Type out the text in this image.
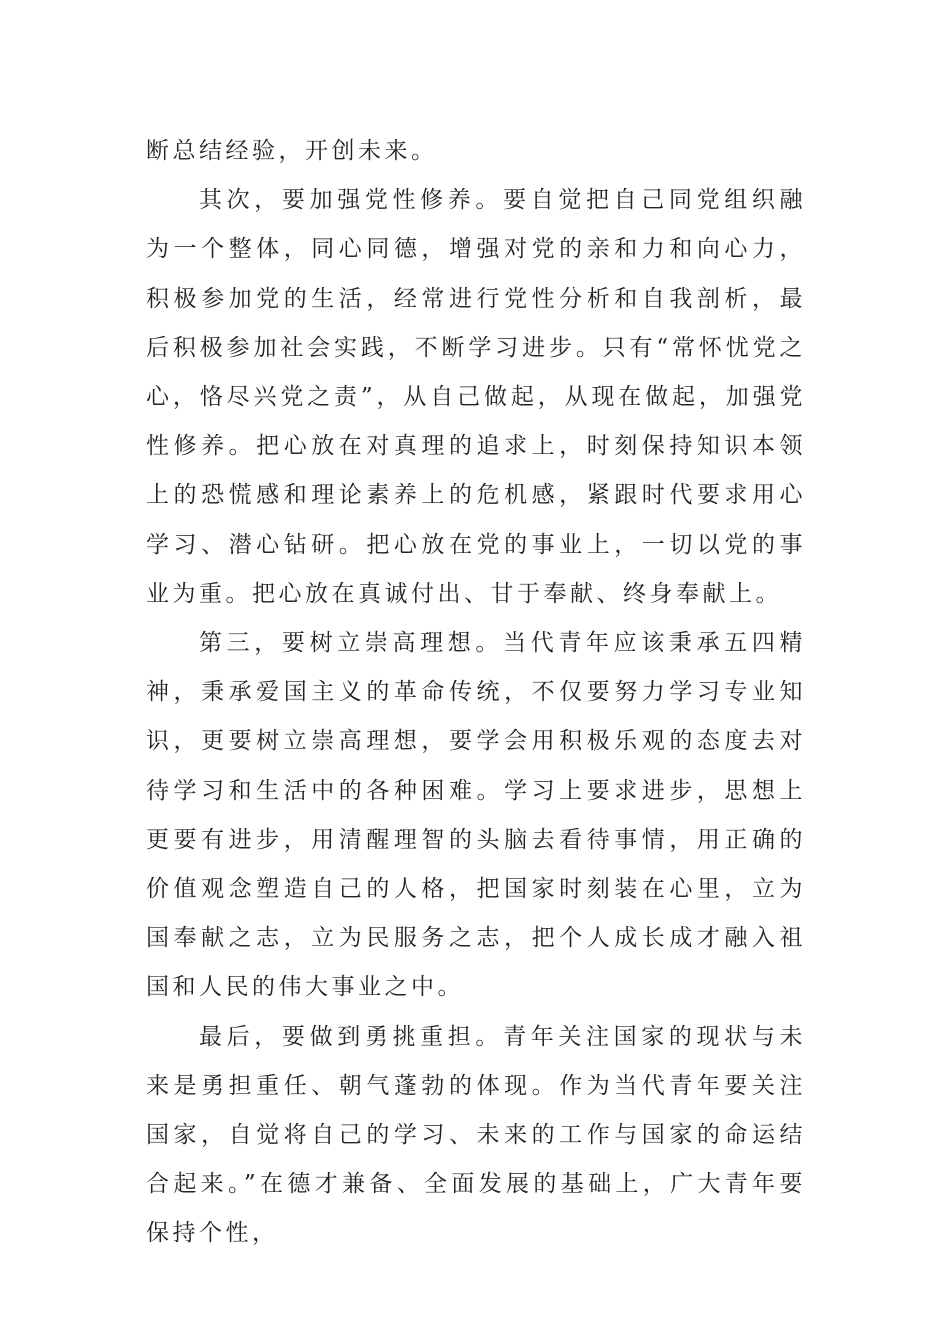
断总结经验，开创未来。

其次，要加强党性修养。要自觉把自己同党组织融为一个整体，同心同德，增强对党的亲和力和向心力，积极参加党的生活，经常进行党性分析和自我剖析，最后积极参加社会实践，不断学习进步。只有“常怀忧党之心，恪尽兴党之责”，从自己做起，从现在做起，加强党性修养。把心放在对真理的追求上，时刻保持知识本领上的恐慌感和理论素养上的危机感，紧跟时代要求用心学习、潜心钻研。把心放在党的事业上，一切以党的事业为重。把心放在真诚付出、甘于奉献、终身奉献上。

第三，要树立崇高理想。当代青年应该秉承五四精神，秉承爱国主义的革命传统，不仅要努力学习专业知识，更要树立崇高理想，要学会用积极乐观的态度去对待学习和生活中的各种困难。学习上要求进步，思想上更要有进步，用清醒理智的头脑去看待事情，用正确的价值观念塑造自己的人格，把国家时刻装在心里，立为国奉献之志，立为民服务之志，把个人成长成才融入祖国和人民的伟大事业之中。

最后，要做到勇挑重担。青年关注国家的现状与未来是勇担重任、朝气蓬勃的体现。作为当代青年要关注国家，自觉将自己的学习、未来的工作与国家的命运结合起来。”在德才兼备、全面发展的基础上，广大青年要保持个性，
